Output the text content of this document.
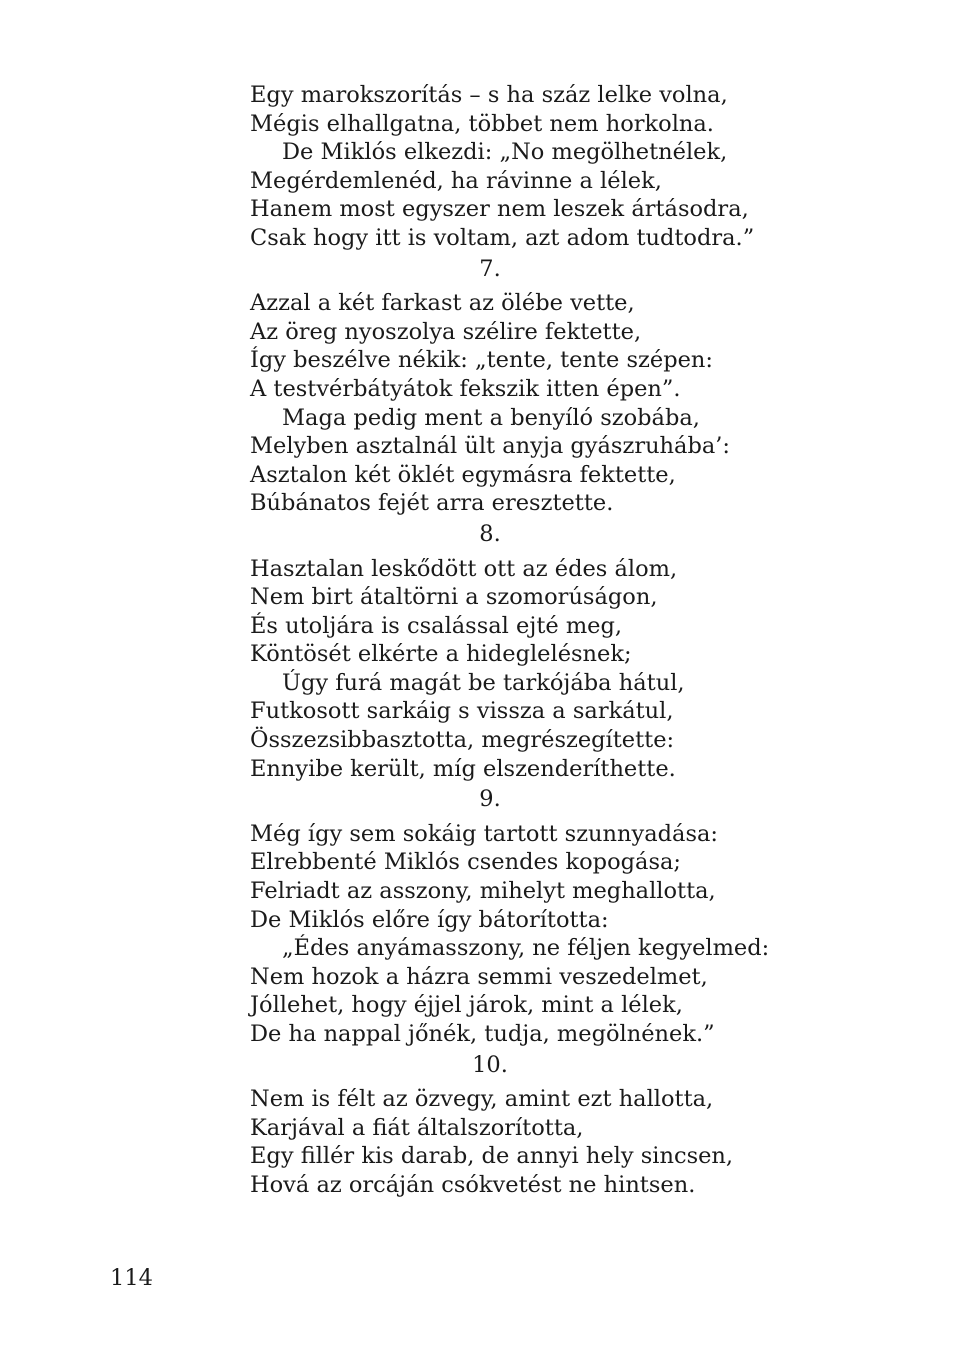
Egy marokszorítás – s ha száz lelke volna,
Mégis elhallgatna, többet nem horkolna.
De Miklós elkezdi: „No megölhetnélek,
Megérdemlenéd, ha rávinne a lélek,
Hanem most egyszer nem leszek ártásodra,
Csak hogy itt is voltam, azt adom tudtodra.”
7.
Azzal a két farkast az ölébe vette,
Az öreg nyoszolya szélire fektette,
Így beszélve nékik: „tente, tente szépen:
A testvérbátyátok fekszik itten épen”.
Maga pedig ment a benyíló szobába,
Melyben asztalnál ült anyja gyászruhába’:
Asztalon két öklét egymásra fektette,
Búbánatos fejét arra eresztette.
8.
Hasztalan leskődött ott az édes álom,
Nem birt átaltörni a szomorúságon,
És utoljára is csalással ejté meg,
Köntösét elkérte a hideglelésnek;
Úgy furá magát be tarkójába hátul,
Futkosott sarkáig s vissza a sarkátul,
Összezsibbasztotta, megrészegítette:
Ennyibe került, míg elszenderíthette.
9.
Még így sem sokáig tartott szunnyadása:
Elrebbenté Miklós csendes kopogása;
Felriadt az asszony, mihelyt meghallotta,
De Miklós előre így bátorította:
„Édes anyámasszony, ne féljen kegyelmed:
Nem hozok a házra semmi veszedelmet,
Jóllehet, hogy éjjel járok, mint a lélek,
De ha nappal jőnék, tudja, megölnének.”
10.
Nem is félt az özvegy, amint ezt hallotta,
Karjával a fiát általszorította,
Egy fillér kis darab, de annyi hely sincsen,
Hová az orcáján csókvetést ne hintsen.
114
